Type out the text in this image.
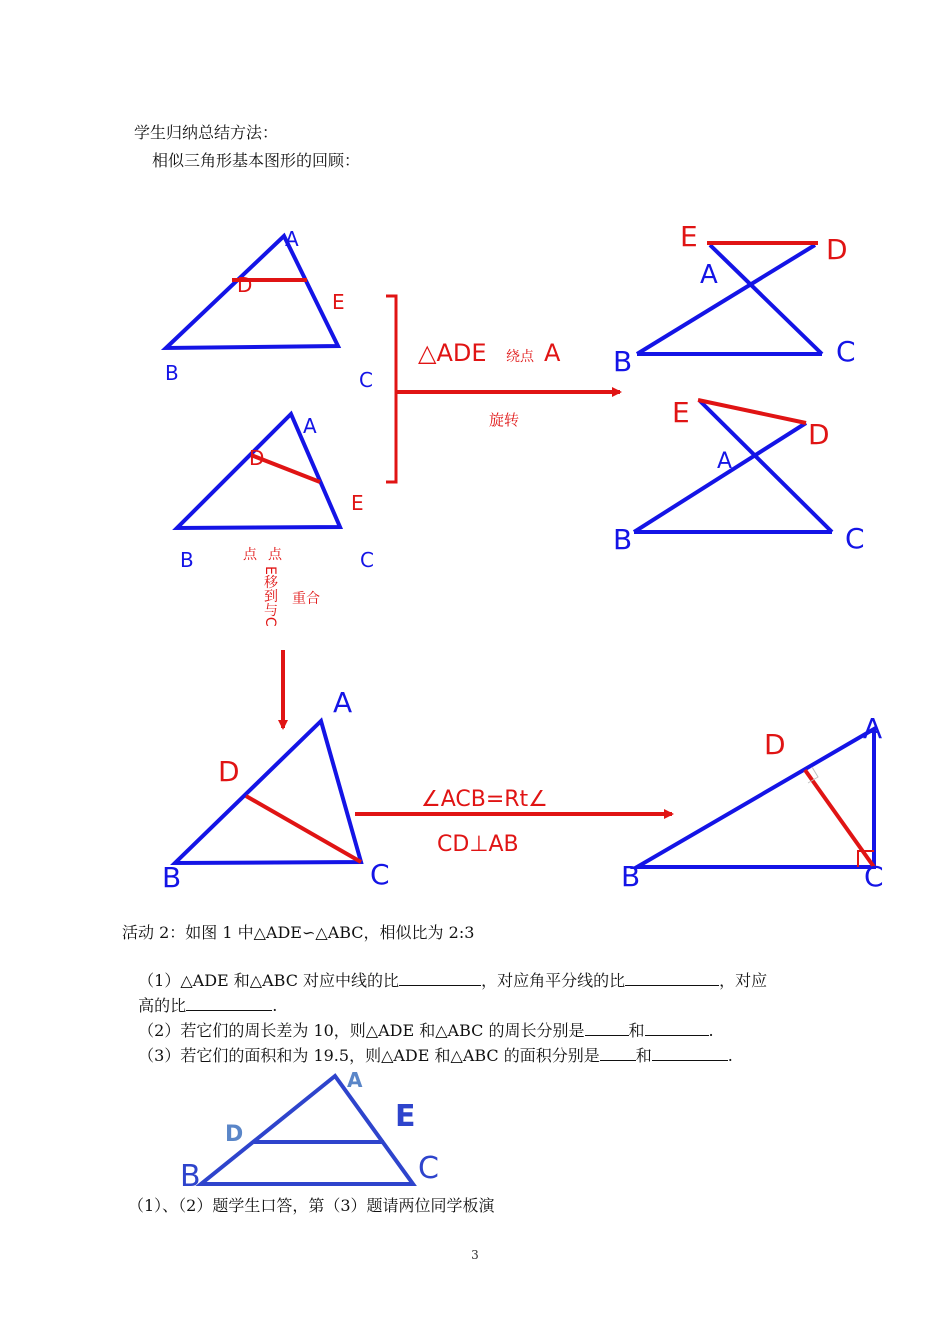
学生归纳总结方法：
相似三角形基本图形的回顾：
A
D
E
B	C
A
D
E
B	C
△ADE 绕点 A
旋转
E	D
A
B	C
E
D
A
B	C
点 点
E移到与C 重合
A
D
B	C
∠ACB=Rt∠
CD⊥AB
A
D
B	C
活动 2：如图 1 中△ADE∽△ABC，相似比为 2:3

（1）△ADE 和△ABC 对应中线的比	，对应角平分线的比	，对应

高的比	.

（2）若它们的周长差为 10，则△ADE 和△ABC 的周长分别是	和	.

（3）若它们的面积和为 19.5，则△ADE 和△ABC 的面积分别是 和	.

A
D
E
B	C
（1）、（2）题学生口答，第（3）题请两位同学板演
3
